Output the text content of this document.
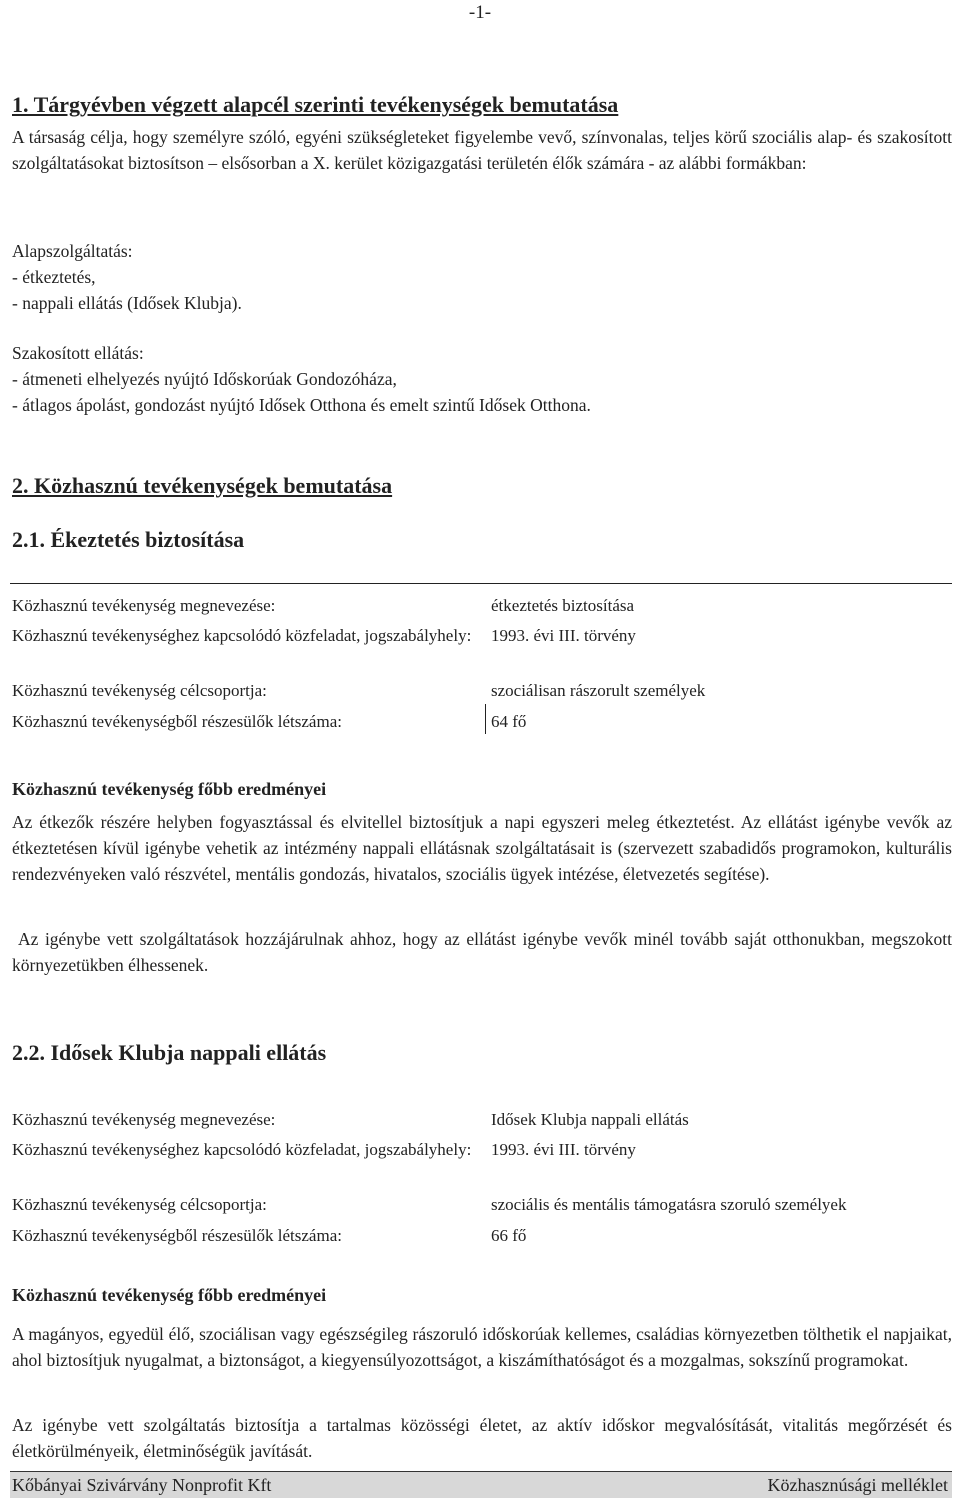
-1-
1. Tárgyévben végzett alapcél szerinti tevékenységek bemutatása
A társaság célja, hogy személyre szóló, egyéni szükségleteket figyelembe vevő, színvonalas, teljes körű szociális alap- és szakosított szolgáltatásokat biztosítson – elsősorban a X. kerület közigazgatási területén élők számára - az alábbi formákban:
Alapszolgáltatás:
- étkeztetés,
- nappali ellátás (Idősek Klubja).
Szakosított ellátás:
- átmeneti elhelyezés nyújtó Időskorúak Gondozóháza,
- átlagos ápolást, gondozást nyújtó Idősek Otthona és emelt szintű Idősek Otthona.
2. Közhasznú tevékenységek bemutatása
2.1. Ékeztetés biztosítása
Közhasznú tevékenység megnevezése:	étkeztetés biztosítása
Közhasznú tevékenységhez kapcsolódó közfeladat, jogszabályhely:	1993. évi III. törvény
Közhasznú tevékenység célcsoportja:	szociálisan rászorult személyek
Közhasznú tevékenységből részesülők létszáma:	64 fő
Közhasznú tevékenység főbb eredményei
Az étkezők részére helyben fogyasztással és elvitellel biztosítjuk a napi egyszeri meleg étkeztetést. Az ellátást igénybe vevők az étkeztetésen kívül igénybe vehetik az intézmény nappali ellátásnak szolgáltatásait is (szervezett szabadidős programokon, kulturális rendezvényeken való részvétel, mentális gondozás, hivatalos, szociális ügyek intézése, életvezetés segítése).
Az igénybe vett szolgáltatások hozzájárulnak ahhoz, hogy az ellátást igénybe vevők minél tovább saját otthonukban, megszokott környezetükben élhessenek.
2.2. Idősek Klubja nappali ellátás
Közhasznú tevékenység megnevezése:	Idősek Klubja nappali ellátás
Közhasznú tevékenységhez kapcsolódó közfeladat, jogszabályhely:	1993. évi III. törvény
Közhasznú tevékenység célcsoportja:	szociális és mentális támogatásra szoruló személyek
Közhasznú tevékenységből részesülők létszáma:	66 fő
Közhasznú tevékenység főbb eredményei
A magányos, egyedül élő, szociálisan vagy egészségileg rászoruló időskorúak kellemes, családias környezetben tölthetik el napjaikat, ahol biztosítjuk nyugalmat, a biztonságot, a kiegyensúlyozottságot, a kiszámíthatóságot és a mozgalmas, sokszínű programokat.
Az igénybe vett szolgáltatás biztosítja a tartalmas közösségi életet, az aktív időskor megvalósítását, vitalitás megőrzését és életkörülményeik, életminőségük javítását.
Kőbányai Szivárvány Nonprofit Kft	Közhasznúsági melléklet
